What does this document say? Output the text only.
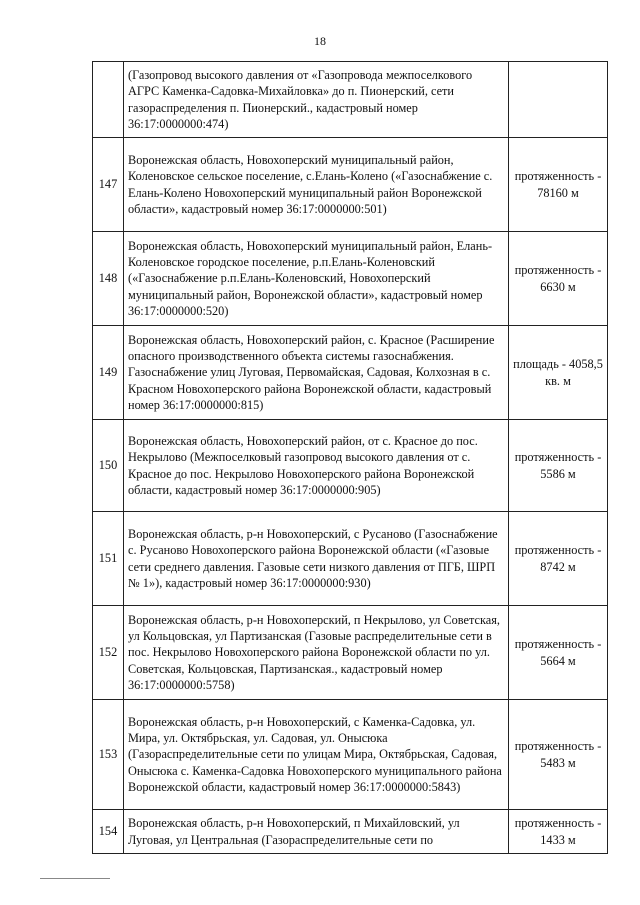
18
	(Газопровод высокого давления от «Газопровода межпоселкового АГРС Каменка-Садовка-Михайловка» до п. Пионерский, сети газораспределения п. Пионерский., кадастровый номер 36:17:0000000:474)	
147	Воронежская область, Новохоперский муниципальный район, Коленовское сельское поселение, с.Елань-Колено («Газоснабжение с. Елань-Колено Новохоперский муниципальный район Воронежской области», кадастровый номер 36:17:0000000:501)	протяженность - 78160 м
148	Воронежская область, Новохоперский муниципальный район, Елань-Коленовское городское поселение, р.п.Елань-Коленовский («Газоснабжение р.п.Елань-Коленовский, Новохоперский муниципальный район, Воронежской области», кадастровый номер 36:17:0000000:520)	протяженность - 6630 м
149	Воронежская область, Новохоперский район, с. Красное (Расширение опасного производственного объекта системы газоснабжения. Газоснабжение улиц Луговая, Первомайская, Садовая, Колхозная в с. Красном Новохоперского района Воронежской области, кадастровый номер 36:17:0000000:815)	площадь - 4058,5 кв. м
150	Воронежская область, Новохоперский район, от с. Красное до пос. Некрылово (Межпоселковый газопровод высокого давления от с. Красное до пос. Некрылово Новохоперского района Воронежской области, кадастровый номер 36:17:0000000:905)	протяженность - 5586 м
151	Воронежская область, р-н Новохоперский, с Русаново (Газоснабжение с. Русаново Новохоперского района Воронежской области («Газовые сети среднего давления. Газовые сети низкого давления от ПГБ, ШРП № 1»), кадастровый номер 36:17:0000000:930)	протяженность - 8742 м
152	Воронежская область, р-н Новохоперский, п Некрылово, ул Советская, ул Кольцовская, ул Партизанская (Газовые распределительные сети в пос. Некрылово Новохоперского района Воронежской области по ул. Советская, Кольцовская, Партизанская., кадастровый номер 36:17:0000000:5758)	протяженность - 5664 м
153	Воронежская область, р-н Новохоперский, с Каменка-Садовка, ул. Мира, ул. Октябрьская, ул. Садовая, ул. Онысюка (Газораспределительные сети по улицам Мира, Октябрьская, Садовая, Онысюка с. Каменка-Садовка Новохоперского муниципального района Воронежской области, кадастровый номер 36:17:0000000:5843)	протяженность - 5483 м
154	Воронежская область, р-н Новохоперский, п Михайловский, ул Луговая, ул Центральная (Газораспределительные сети по	протяженность - 1433 м
